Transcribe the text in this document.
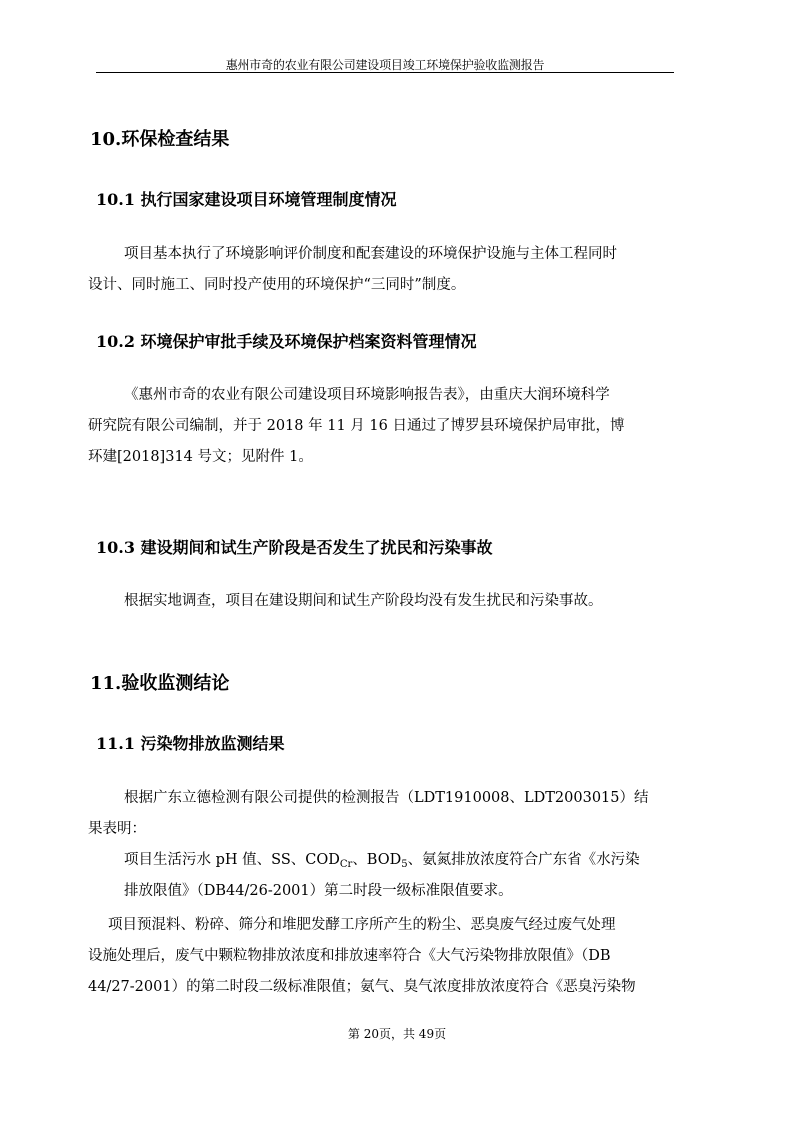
惠州市奇的农业有限公司建设项目竣工环境保护验收监测报告
10.环保检查结果
10.1 执行国家建设项目环境管理制度情况
项目基本执行了环境影响评价制度和配套建设的环境保护设施与主体工程同时
设计、同时施工、同时投产使用的环境保护“三同时”制度。
10.2 环境保护审批手续及环境保护档案资料管理情况
《惠州市奇的农业有限公司建设项目环境影响报告表》，由重庆大润环境科学
研究院有限公司编制，并于 2018 年 11 月 16 日通过了博罗县环境保护局审批，博
环建[2018]314 号文；见附件 1。
10.3 建设期间和试生产阶段是否发生了扰民和污染事故
根据实地调查，项目在建设期间和试生产阶段均没有发生扰民和污染事故。
11.验收监测结论
11.1 污染物排放监测结果
根据广东立德检测有限公司提供的检测报告（LDT1910008、LDT2003015）结
果表明：
项目生活污水 pH 值、SS、$COD_{Cr}$、$BOD_5$、氨氮排放浓度符合广东省《水污染
排放限值》（DB44/26-2001）第二时段一级标准限值要求。
项目预混料、粉碎、筛分和堆肥发酵工序所产生的粉尘、恶臭废气经过废气处理
设施处理后，废气中颗粒物排放浓度和排放速率符合《大气污染物排放限值》（DB
44/27-2001）的第二时段二级标准限值；氨气、臭气浓度排放浓度符合《恶臭污染物
第 20页，共 49页
